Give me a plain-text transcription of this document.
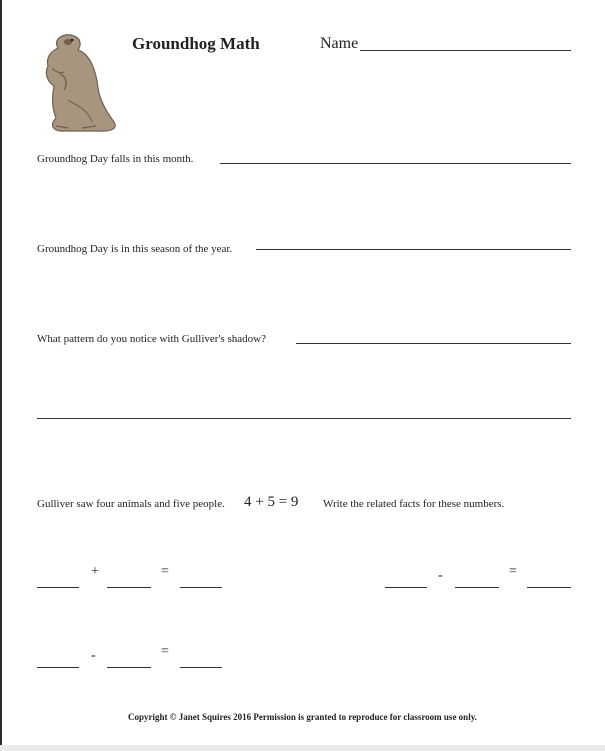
Groundhog Math	Name
Groundhog Day falls in this month.
Groundhog Day is in this season of the year.
What pattern do you notice with Gulliver's shadow?
Gulliver saw four animals and five people. 4 + 5 = 9 Write the related facts for these numbers.
+	=	-	=
-	=
Copyright © Janet Squires 2016 Permission is granted to reproduce for classroom use only.
